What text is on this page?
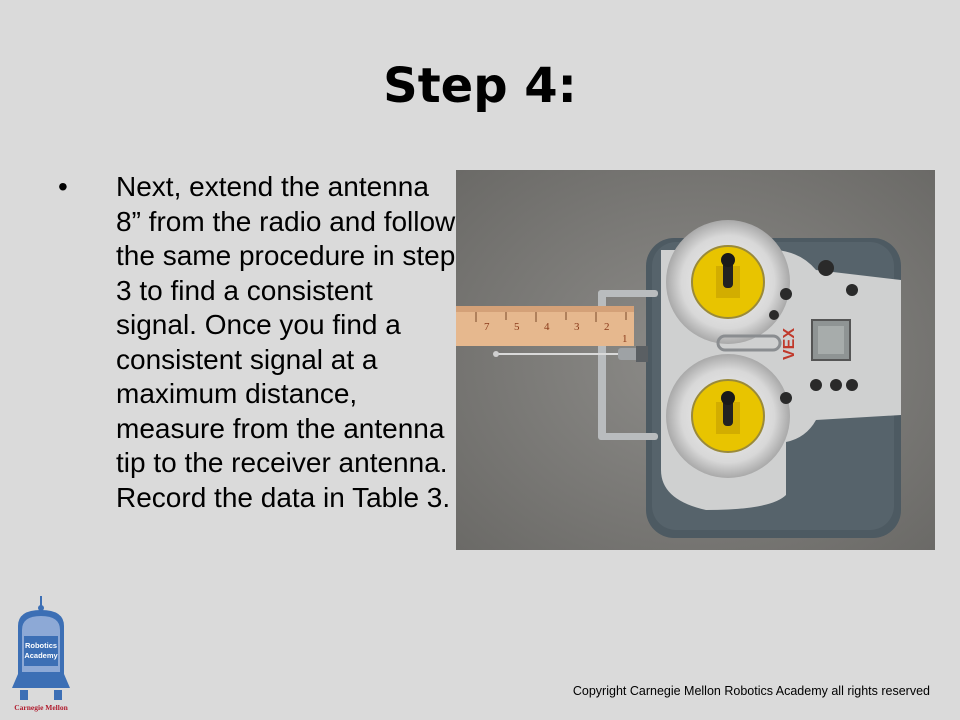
Step 4:
• Next, extend the antenna 8” from the radio and follow the same procedure in step 3 to find a consistent signal. Once you find a consistent signal at a maximum distance, measure from the antenna tip to the receiver antenna. Record the data in Table 3.
7 5 4 3 2
1	VEX
Robotics
Academy
Carnegie Mellon
Copyright Carnegie Mellon Robotics Academy all rights reserved
